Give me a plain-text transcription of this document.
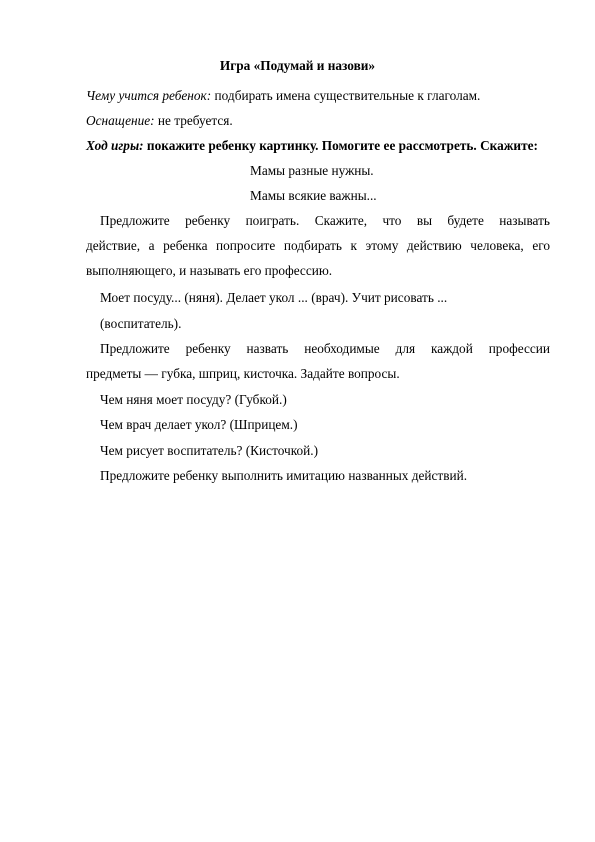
Игра «Подумай и назови»
Чему учится ребенок: подбирать имена существительные к глаголам.
Оснащение: не требуется.
Ход игры: покажите ребенку картинку. Помогите ее рассмотреть. Скажите:
Мамы разные нужны.
Мамы всякие важны...
Предложите ребенку поиграть. Скажите, что вы будете называть
действие, а ребенка попросите подбирать к этому действию человека, его
выполняющего, и называть его профессию.
Моет посуду... (няня). Делает укол ... (врач). Учит рисовать ...
(воспитатель).
Предложите ребенку назвать необходимые для каждой профессии
предметы — губка, шприц, кисточка. Задайте вопросы.
Чем няня моет посуду? (Губкой.)
Чем врач делает укол? (Шприцем.)
Чем рисует воспитатель? (Кисточкой.)
Предложите ребенку выполнить имитацию названных действий.
